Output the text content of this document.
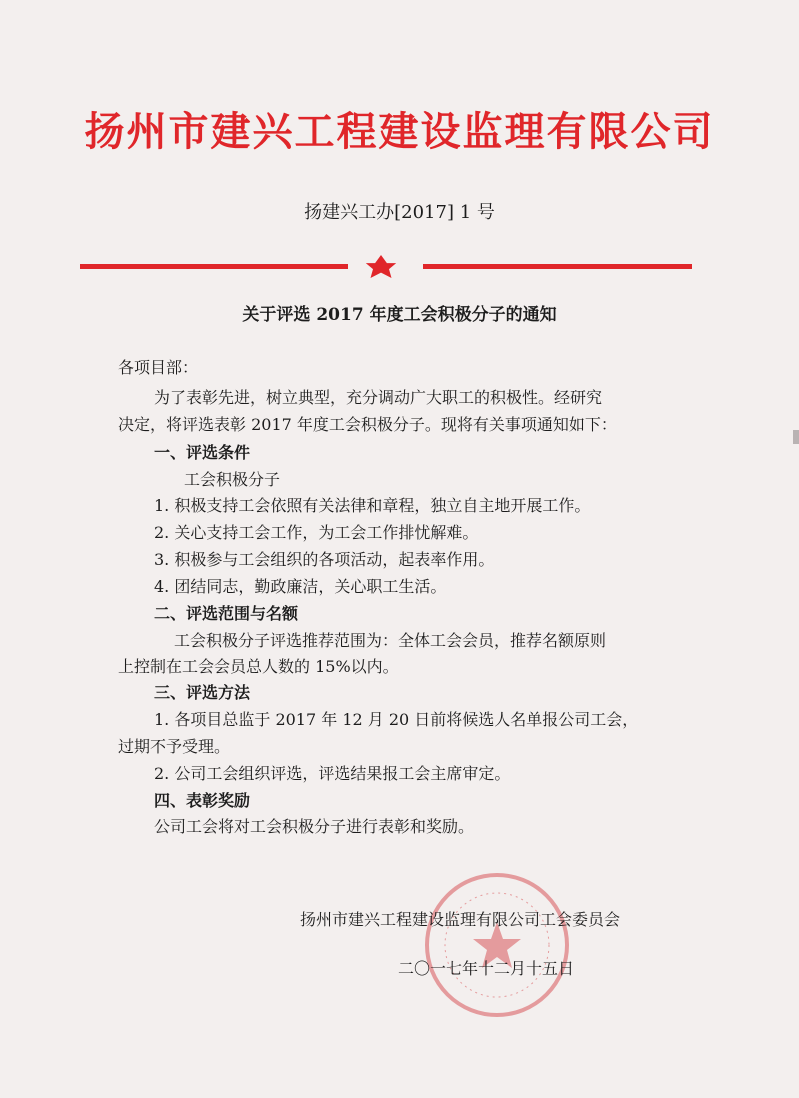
扬州市建兴工程建设监理有限公司
扬建兴工办[2017] 1 号
关于评选 2017 年度工会积极分子的通知
各项目部：
为了表彰先进，树立典型，充分调动广大职工的积极性。经研究
决定，将评选表彰 2017 年度工会积极分子。现将有关事项通知如下：
一、评选条件
工会积极分子
1. 积极支持工会依照有关法律和章程，独立自主地开展工作。
2. 关心支持工会工作，为工会工作排忧解难。
3. 积极参与工会组织的各项活动，起表率作用。
4. 团结同志，勤政廉洁，关心职工生活。
二、评选范围与名额
工会积极分子评选推荐范围为：全体工会会员，推荐名额原则
上控制在工会会员总人数的 15%以内。
三、评选方法
1. 各项目总监于 2017 年 12 月 20 日前将候选人名单报公司工会，
过期不予受理。
2. 公司工会组织评选，评选结果报工会主席审定。
四、表彰奖励
公司工会将对工会积极分子进行表彰和奖励。
扬州市建兴工程建设监理有限公司工会委员会
二〇一七年十二月十五日
